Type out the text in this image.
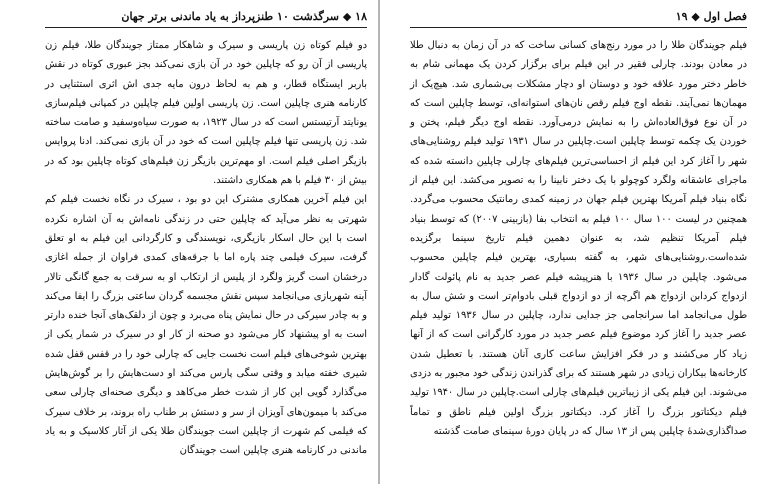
۱۸ ◆ سرگذشت ۱۰ طنزپرداز به یاد ماندنی برتر جهان

دو فیلم کوتاه زن پاریسی و سیرک و شاهکار ممتاز جویندگان طلا، فیلم زن پاریسی از آن رو که چاپلین خود در آن بازی نمی‌کند بجز عبوری کوتاه در نقش باربر ایستگاه قطار، و هم به لحاظ درون مایه جدی اش اثری استثنایی در کارنامه هنری چاپلین است. زن پاریسی اولین فیلم چاپلین در کمپانی فیلم‌سازی یونایتد آرتیستس است که در سال ۱۹۲۳، به صورت سیاه‌وسفید و صامت ساخته شد. زن پاریسی تنها فیلم چاپلین است که خود در آن بازی نمی‌کند. ادنا پروایس بازیگر اصلی فیلم است. او مهم‌ترین بازیگر زن فیلم‌های کوتاه چاپلین بود که در بیش از ۳۰ فیلم با هم همکاری داشتند.

این فیلم آخرین همکاری مشترک این دو بود ، سیرک در نگاه نخست فیلم کم شهرتی به نظر می‌آید که چاپلین حتی در زندگی نامه‌اش به آن اشاره نکرده است با این حال اسکار بازیگری، نویسندگی و کارگردانی این فیلم به او تعلق گرفت، سیرک فیلمی چند پاره اما با جرقه‌های کمدی فراوان از جمله اغازی درخشان است گریز ولگرد از پلیس از ارتکاب او به سرقت به جمع گانگی تالار آینه شهربازی می‌انجامد سپس نقش مجسمه گردان ساعتی بزرگ را ایفا می‌کند و به چادر سیرکی در حال نمایش پناه می‌برد و چون از دلقک‌های آنجا خنده دارتر است به او پیشنهاد کار می‌شود دو صحنه از کار او در سیرک در شمار یکی از بهترین شوخی‌های فیلم است نخست جایی که چارلی خود را در قفس قفل شده شیری خفته میابد و وقتی سگی پارس می‌کند او دست‌هایش را بر گوش‌هایش می‌گذارد گویی این کار از شدت خطر می‌کاهد و دیگری صحنه‌ای چارلی سعی می‌کند با میمون‌های آویزان از سر و دستش بر طناب راه بروند، بر خلاف سیرک که فیلمی کم شهرت از چاپلین است جویندگان طلا یکی از آثار کلاسیک و به یاد ماندنی در کارنامه هنری چاپلین است جویندگان

فصل اول ◆ ۱۹

فیلم جویندگان طلا را در مورد رنج‌های کسانی ساخت که در آن زمان به دنبال طلا در معادن بودند. چارلی فقیر در این فیلم برای برگزار کردن یک مهمانی شام به خاطر دختر مورد علاقه خود و دوستان او دچار مشکلات بی‌شماری شد. هیچ‌یک از مهمان‌ها نمی‌آیند. نقطه اوج فیلم رقص نان‌های استوانه‌ای، توسط چاپلین است که در آن نوع فوق‌العاده‌اش را به نمایش درمی‌آورد. نقطه اوج دیگر فیلم، پختن و خوردن یک چکمه توسط چاپلین است.چاپلین در سال ۱۹۳۱ تولید فیلم روشنایی‌های شهر را آغاز کرد این فیلم از احساسی‌ترین فیلم‌های چارلی چاپلین دانسته شده که ماجرای عاشقانه ولگرد کوچولو با یک دختر نابینا را به تصویر می‌کشد. این فیلم از نگاه بنیاد فیلم آمریکا بهترین فیلم جهان در زمینه کمدی رمانتیک محسوب می‌گردد. همچنین در لیست ۱۰۰ سال ۱۰۰ فیلم به انتخاب بفا (بازبینی ۲۰۰۷) که توسط بنیاد فیلم آمریکا تنظیم شد، به عنوان دهمین فیلم تاریخ سینما برگزیده شده‌است.روشنایی‌های شهر، به گفته بسیاری، بهترین فیلم چاپلین محسوب می‌شود. چاپلین در سال ۱۹۳۶ با هنرپیشه فیلم عصر جدید به نام پائولت گادار ازدواج کردابن ازدواج هم اگرچه از دو ازدواج قبلی بادوام‌تر است و شش سال به طول می‌انجامد اما سرانجامی جز جدایی ندارد، چاپلین در سال ۱۹۳۶ تولید فیلم عصر جدید را آغاز کرد موضوع فیلم عصر جدید در مورد کارگرانی است که از آنها زیاد کار می‌کشند و در فکر افزایش ساعت کاری آنان هستند. با تعطیل شدن کارخانه‌ها بیکاران زیادی در شهر هستند که برای گذراندن زندگی خود مجبور به دزدی می‌شوند. این فیلم یکی از زیباترین فیلم‌های چارلی است.چاپلین در سال ۱۹۴۰ تولید فیلم دیکتاتور بزرگ را آغاز کرد. دیکتاتور بزرگ اولین فیلم ناطق و تماماً صداگذاری‌شدهٔ چاپلین پس از ۱۳ سال که در پایان دورهٔ سینمای صامت گذشته
